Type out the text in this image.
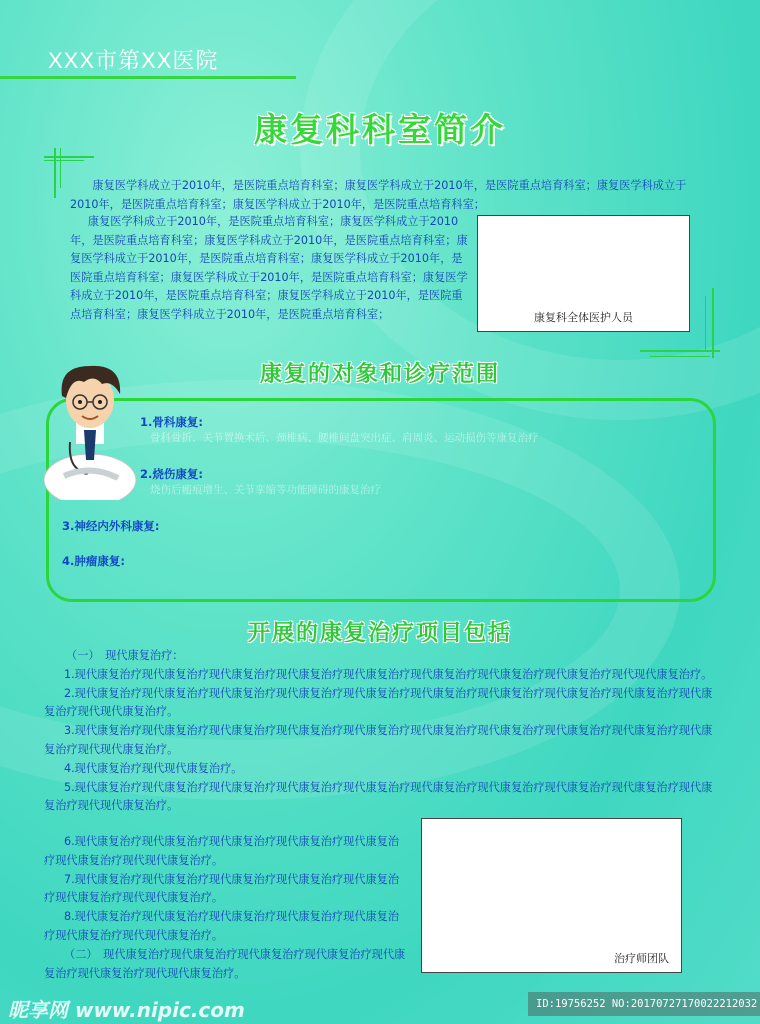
XXX市第XX医院
康复科科室简介
康复医学科成立于2010年，是医院重点培育科室；康复医学科成立于2010年，是医院重点培育科室；康复医学科成立于2010年，是医院重点培育科室；康复医学科成立于2010年，是医院重点培育科室；
康复医学科成立于2010年，是医院重点培育科室；康复医学科成立于2010年，是医院重点培育科室；康复医学科成立于2010年，是医院重点培育科室；康复医学科成立于2010年，是医院重点培育科室；康复医学科成立于2010年，是医院重点培育科室；康复医学科成立于2010年，是医院重点培育科室；康复医学科成立于2010年，是医院重点培育科室；康复医学科成立于2010年，是医院重点培育科室；康复医学科成立于2010年，是医院重点培育科室；	康复科全体医护人员
康复的对象和诊疗范围
1.骨科康复:
骨科骨折、关节置换术后、颈椎病、腰椎间盘突出症、肩周炎、运动损伤等康复治疗
2.烧伤康复:
烧伤后瘢痕增生、关节挛缩等功能障碍的康复治疗
3.神经内外科康复:
4.肿瘤康复:
开展的康复治疗项目包括

（一）　现代康复治疗：

1.现代康复治疗现代康复治疗现代康复治疗现代康复治疗现代康复治疗现代康复治疗现代康复治疗现代康复治疗现代现代康复治疗。

2.现代康复治疗现代康复治疗现代康复治疗现代康复治疗现代康复治疗现代康复治疗现代康复治疗现代康复治疗现代康复治疗现代康复治疗现代现代康复治疗。

3.现代康复治疗现代康复治疗现代康复治疗现代康复治疗现代康复治疗现代康复治疗现代康复治疗现代康复治疗现代康复治疗现代康复治疗现代现代康复治疗。

4.现代康复治疗现代现代康复治疗。

5.现代康复治疗现代康复治疗现代康复治疗现代康复治疗现代康复治疗现代康复治疗现代康复治疗现代康复治疗现代康复治疗现代康复治疗现代现代康复治疗。

6.现代康复治疗现代康复治疗现代康复治疗现代康复治疗现代康复治疗现代康复治疗现代现代康复治疗。

7.现代康复治疗现代康复治疗现代康复治疗现代康复治疗现代康复治疗现代康复治疗现代现代康复治疗。

8.现代康复治疗现代康复治疗现代康复治疗现代康复治疗现代康复治疗现代康复治疗现代现代康复治疗。

（二）　现代康复治疗现代康复治疗现代康复治疗现代康复治疗现代康复治疗现代康复治疗现代现代康复治疗。

治疗师团队
昵享网 www.nipic.com	ID:19756252 NO:20170727170022212032
